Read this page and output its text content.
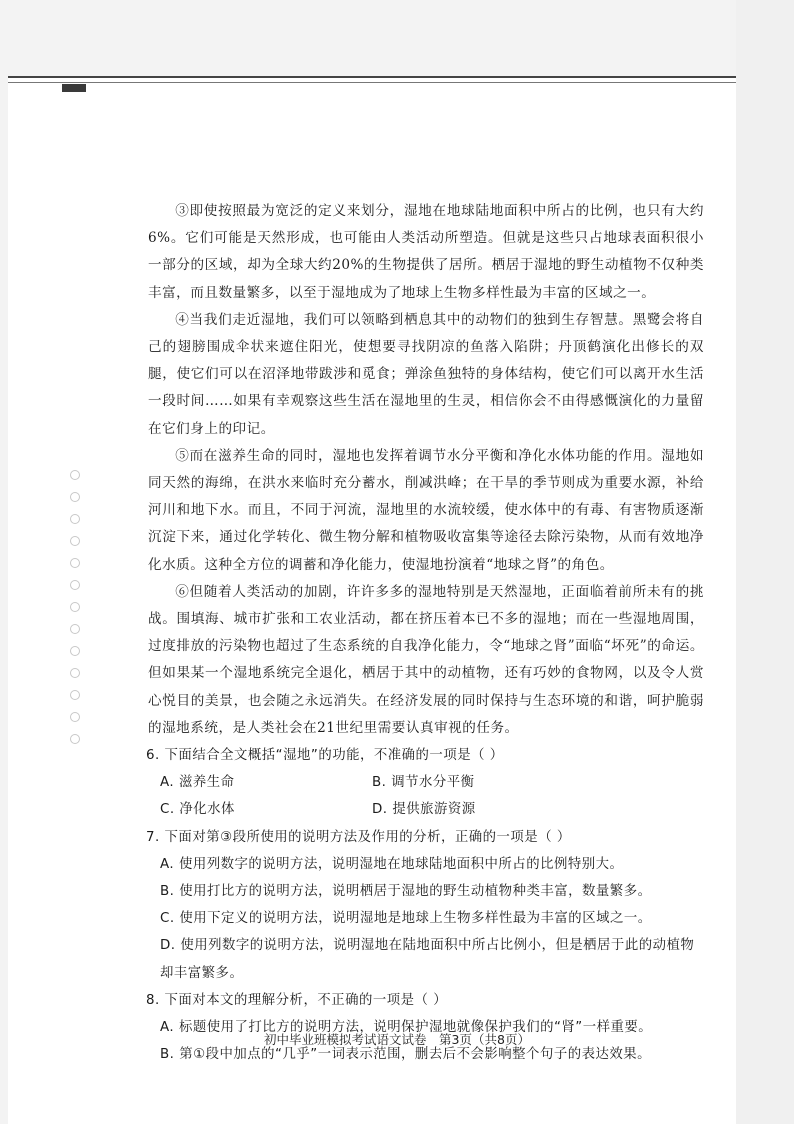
③即使按照最为宽泛的定义来划分，湿地在地球陆地面积中所占的比例，也只有大约6%。它们可能是天然形成，也可能由人类活动所塑造。但就是这些只占地球表面积很小一部分的区域，却为全球大约20%的生物提供了居所。栖居于湿地的野生动植物不仅种类丰富，而且数量繁多，以至于湿地成为了地球上生物多样性最为丰富的区域之一。

④当我们走近湿地，我们可以领略到栖息其中的动物们的独到生存智慧。黑鹭会将自己的翅膀围成伞状来遮住阳光，使想要寻找阴凉的鱼落入陷阱；丹顶鹤演化出修长的双腿，使它们可以在沼泽地带跋涉和觅食；弹涂鱼独特的身体结构，使它们可以离开水生活一段时间……如果有幸观察这些生活在湿地里的生灵，相信你会不由得感慨演化的力量留在它们身上的印记。

⑤而在滋养生命的同时，湿地也发挥着调节水分平衡和净化水体功能的作用。湿地如同天然的海绵，在洪水来临时充分蓄水，削减洪峰；在干旱的季节则成为重要水源，补给河川和地下水。而且，不同于河流，湿地里的水流较缓，使水体中的有毒、有害物质逐渐沉淀下来，通过化学转化、微生物分解和植物吸收富集等途径去除污染物，从而有效地净化水质。这种全方位的调蓄和净化能力，使湿地扮演着“地球之肾”的角色。

⑥但随着人类活动的加剧，许许多多的湿地特别是天然湿地，正面临着前所未有的挑战。围填海、城市扩张和工农业活动，都在挤压着本已不多的湿地；而在一些湿地周围，过度排放的污染物也超过了生态系统的自我净化能力，令“地球之肾”面临“坏死”的命运。但如果某一个湿地系统完全退化，栖居于其中的动植物，还有巧妙的食物网，以及令人赏心悦目的美景，也会随之永远消失。在经济发展的同时保持与生态环境的和谐，呵护脆弱的湿地系统，是人类社会在21世纪里需要认真审视的任务。

6. 下面结合全文概括“湿地”的功能，不准确的一项是（ ）
A. 滋养生命	B. 调节水分平衡
C. 净化水体	D. 提供旅游资源
7. 下面对第③段所使用的说明方法及作用的分析，正确的一项是（ ）
A. 使用列数字的说明方法，说明湿地在地球陆地面积中所占的比例特别大。
B. 使用打比方的说明方法，说明栖居于湿地的野生动植物种类丰富，数量繁多。
C. 使用下定义的说明方法，说明湿地是地球上生物多样性最为丰富的区域之一。
D. 使用列数字的说明方法，说明湿地在陆地面积中所占比例小，但是栖居于此的动植物却丰富繁多。
8. 下面对本文的理解分析，不正确的一项是（ ）
A. 标题使用了打比方的说明方法，说明保护湿地就像保护我们的“肾”一样重要。
B. 第①段中加点的“几乎”一词表示范围，删去后不会影响整个句子的表达效果。
初中毕业班模拟考试语文试卷　第3页（共8页）
